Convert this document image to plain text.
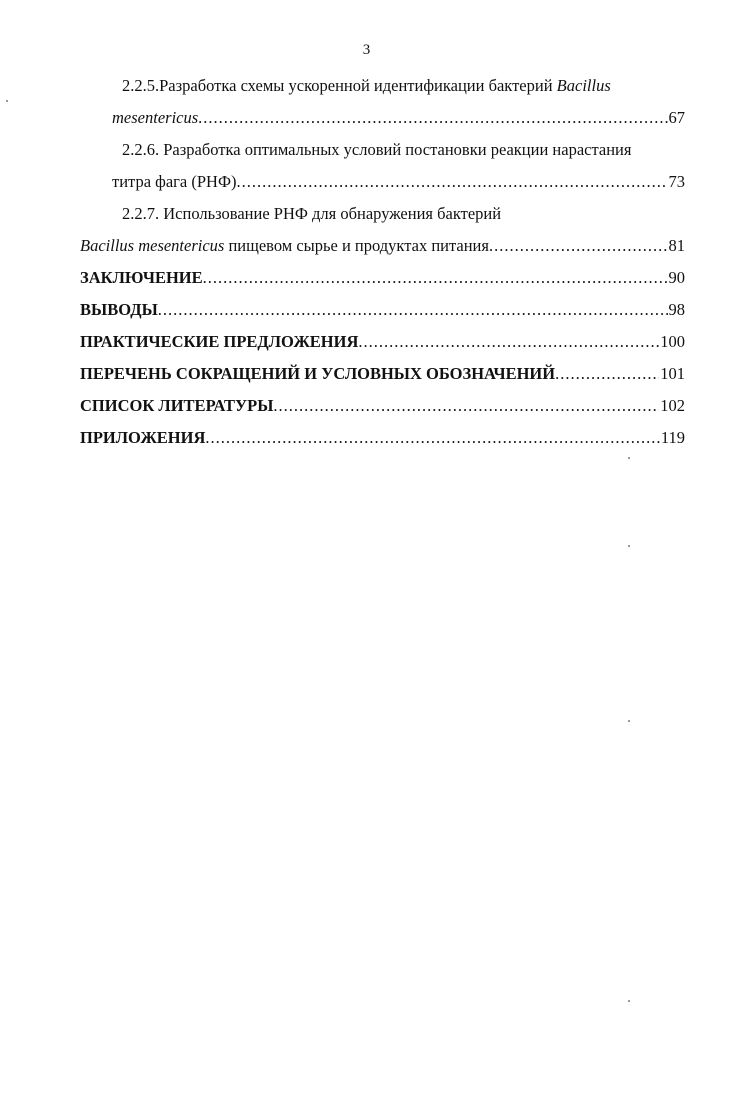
3
2.2.5.Разработка схемы ускоренной идентификации бактерий Bacillus
mesentericus .....	67
2.2.6. Разработка оптимальных условий постановки реакции нарастания
титра фага (РНФ) .....	73
2.2.7. Использование РНФ для обнаружения бактерий
Bacillus mesentericus пищевом сырье и продуктах питания .....	81
ЗАКЛЮЧЕНИЕ .....	90
ВЫВОДЫ .....	98
ПРАКТИЧЕСКИЕ ПРЕДЛОЖЕНИЯ .....	100
ПЕРЕЧЕНЬ СОКРАЩЕНИЙ И УСЛОВНЫХ ОБОЗНАЧЕНИЙ .....	101
СПИСОК ЛИТЕРАТУРЫ .....	102
ПРИЛОЖЕНИЯ .....	119
